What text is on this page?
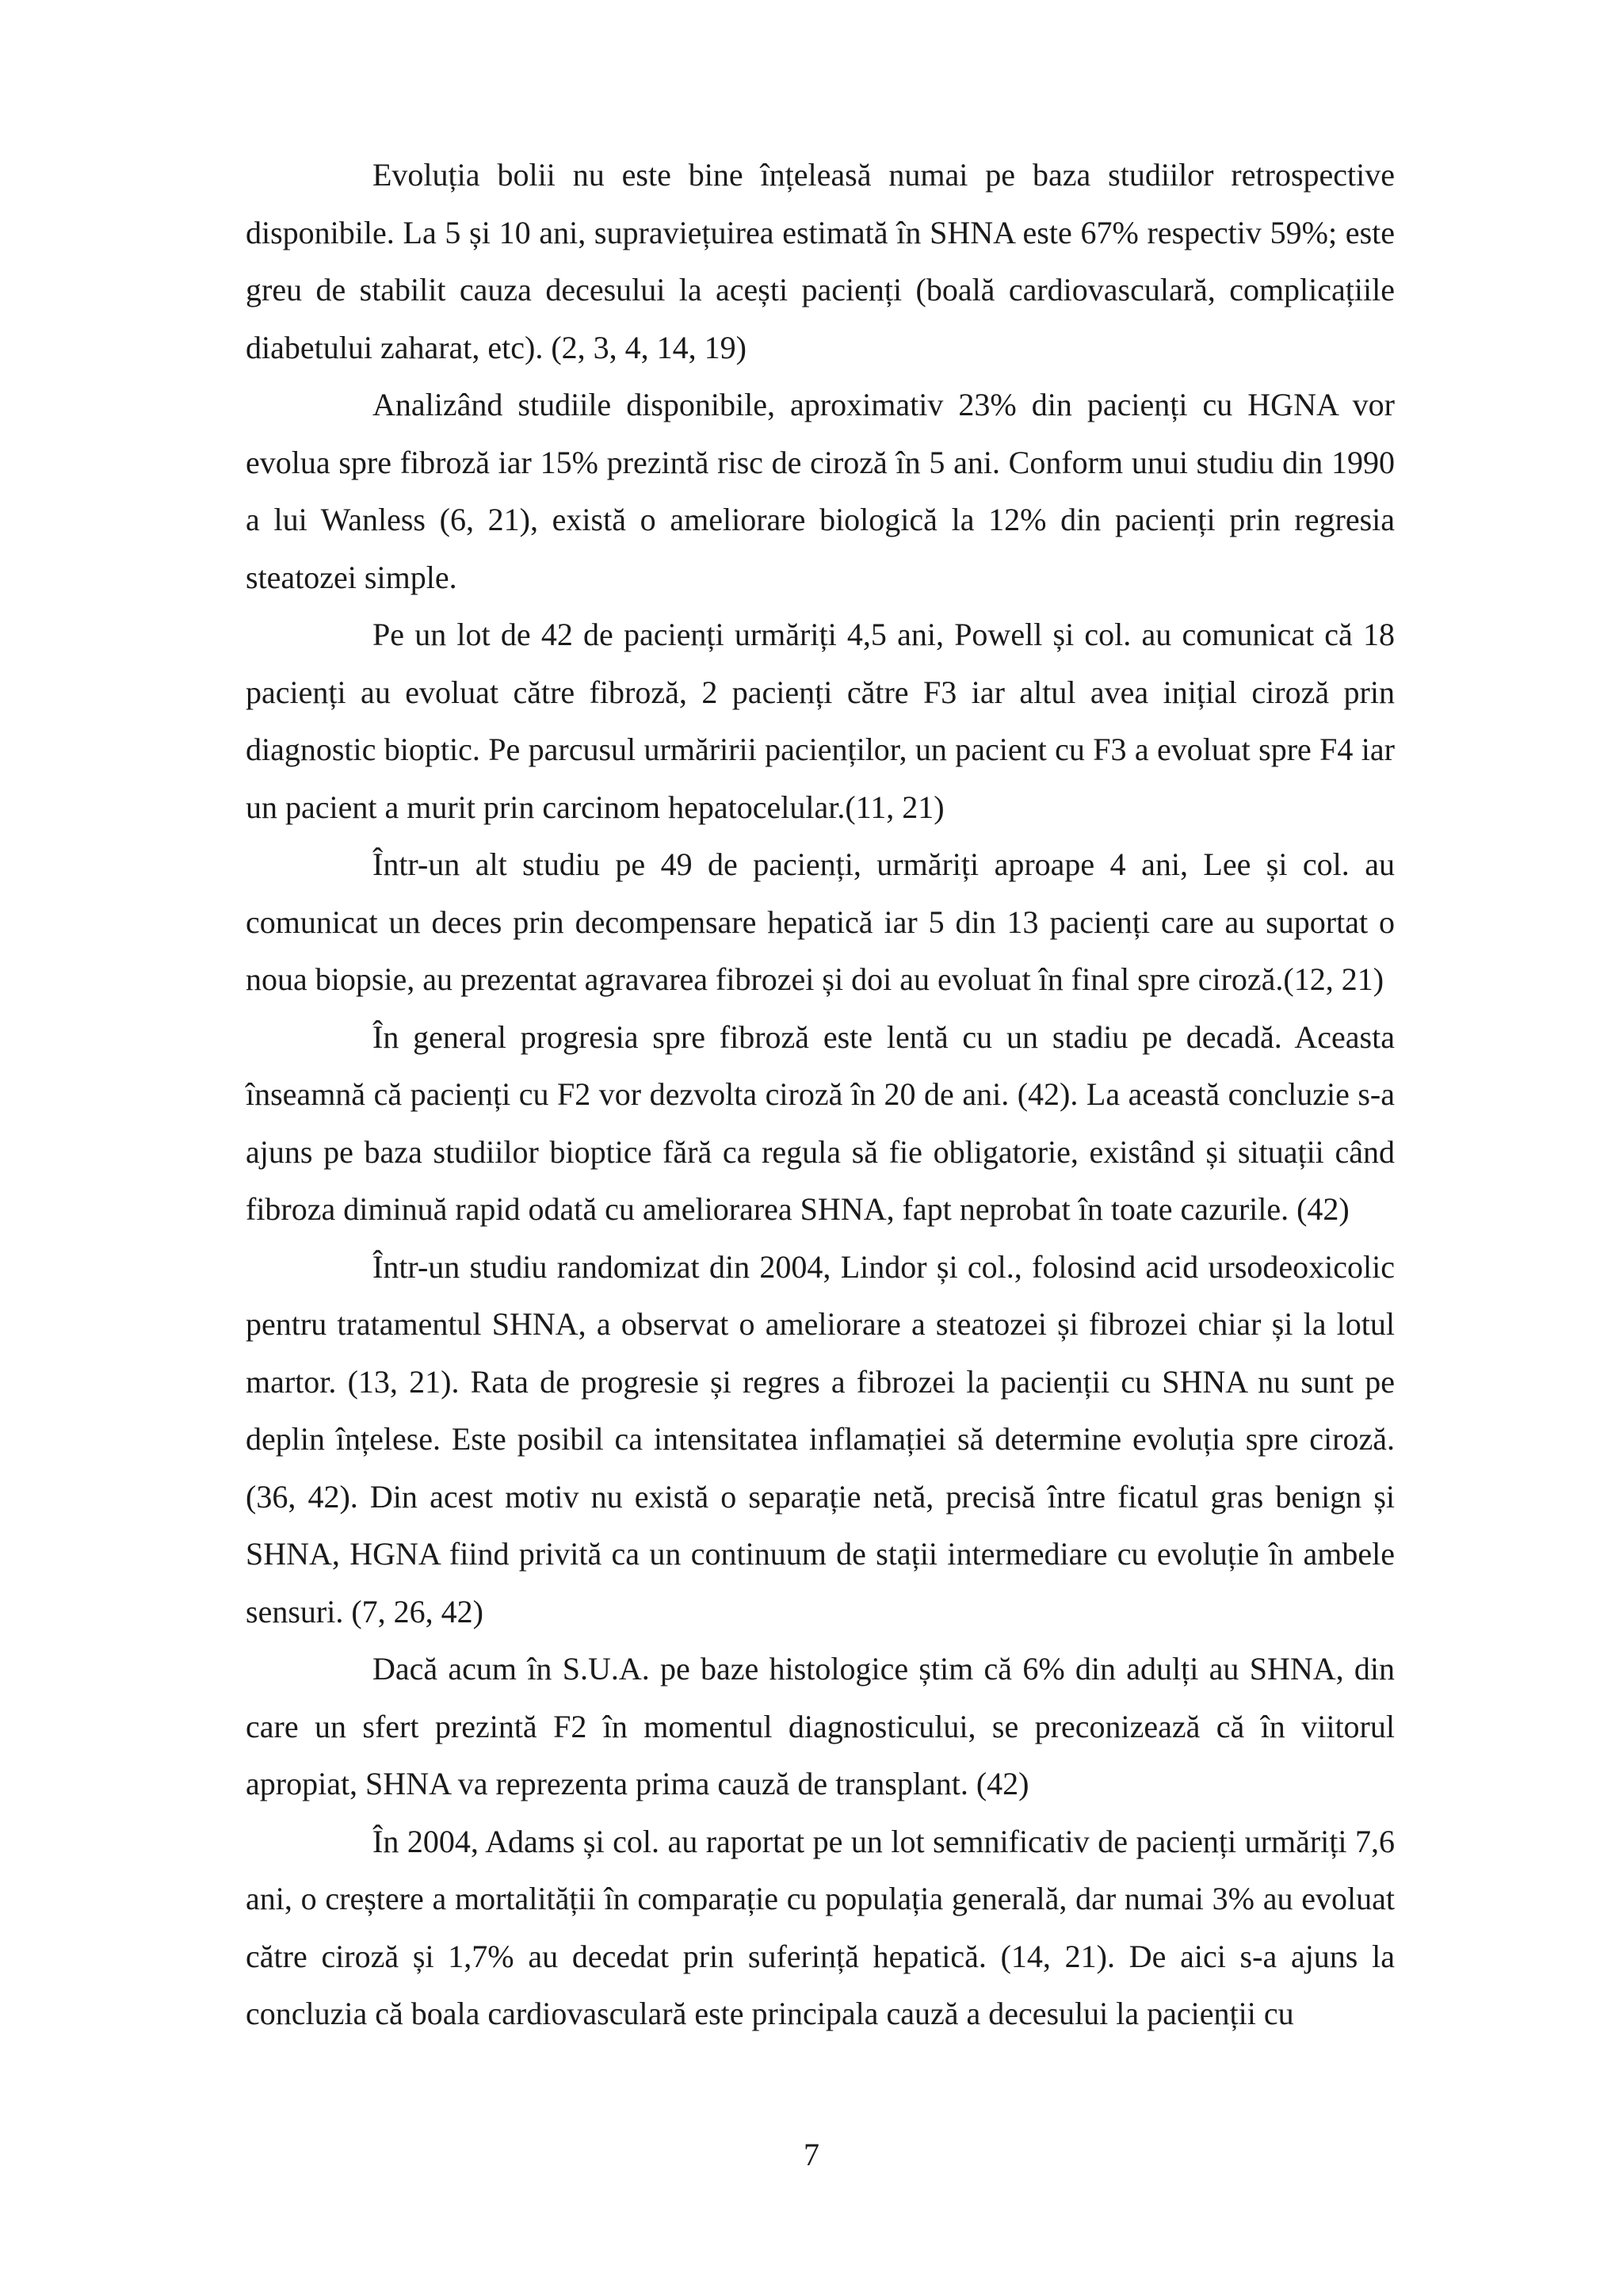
Evoluția bolii nu este bine înțeleasă numai pe baza studiilor retrospective disponibile. La 5 și 10 ani, supraviețuirea estimată în SHNA este 67% respectiv 59%; este greu de stabilit cauza decesului la acești pacienți (boală cardiovasculară, complicațiile diabetului zaharat, etc). (2, 3, 4, 14, 19)

Analizând studiile disponibile, aproximativ 23% din pacienți cu HGNA vor evolua spre fibroză iar 15% prezintă risc de ciroză în 5 ani. Conform unui studiu din 1990 a lui Wanless (6, 21), există o ameliorare biologică la 12% din pacienți prin regresia steatozei simple.

Pe un lot de 42 de pacienți urmăriți 4,5 ani, Powell și col. au comunicat că 18 pacienți au evoluat către fibroză, 2 pacienți către F3 iar altul avea inițial ciroză prin diagnostic bioptic. Pe parcusul urmăririi pacienților, un pacient cu F3 a evoluat spre F4 iar un pacient a murit prin carcinom hepatocelular.(11, 21)

Într-un alt studiu pe 49 de pacienți, urmăriți aproape 4 ani, Lee și col. au comunicat un deces prin decompensare hepatică iar 5 din 13 pacienți care au suportat o noua biopsie, au prezentat agravarea fibrozei și doi au evoluat în final spre ciroză.(12, 21)

În general progresia spre fibroză este lentă cu un stadiu pe decadă. Aceasta înseamnă că pacienți cu F2 vor dezvolta ciroză în 20 de ani. (42). La această concluzie s-a ajuns pe baza studiilor bioptice fără ca regula să fie obligatorie, existând și situații când fibroza diminuă rapid odată cu ameliorarea SHNA, fapt neprobat în toate cazurile. (42)

Într-un studiu randomizat din 2004, Lindor și col., folosind acid ursodeoxicolic pentru tratamentul SHNA, a observat o ameliorare a steatozei și fibrozei chiar și la lotul martor. (13, 21). Rata de progresie și regres a fibrozei la pacienții cu SHNA nu sunt pe deplin înțelese. Este posibil ca intensitatea inflamației să determine evoluția spre ciroză. (36, 42). Din acest motiv nu există o separație netă, precisă între ficatul gras benign și SHNA, HGNA fiind privită ca un continuum de stații intermediare cu evoluție în ambele sensuri. (7, 26, 42)

Dacă acum în S.U.A. pe baze histologice știm că 6% din adulți au SHNA, din care un sfert prezintă F2 în momentul diagnosticului, se preconizează că în viitorul apropiat, SHNA va reprezenta prima cauză de transplant. (42)

În 2004, Adams și col. au raportat pe un lot semnificativ de pacienți urmăriți 7,6 ani, o creștere a mortalității în comparație cu populația generală, dar numai 3% au evoluat către ciroză și 1,7% au decedat prin suferință hepatică. (14, 21). De aici s-a ajuns la concluzia că boala cardiovasculară este principala cauză a decesului la pacienții cu

7
